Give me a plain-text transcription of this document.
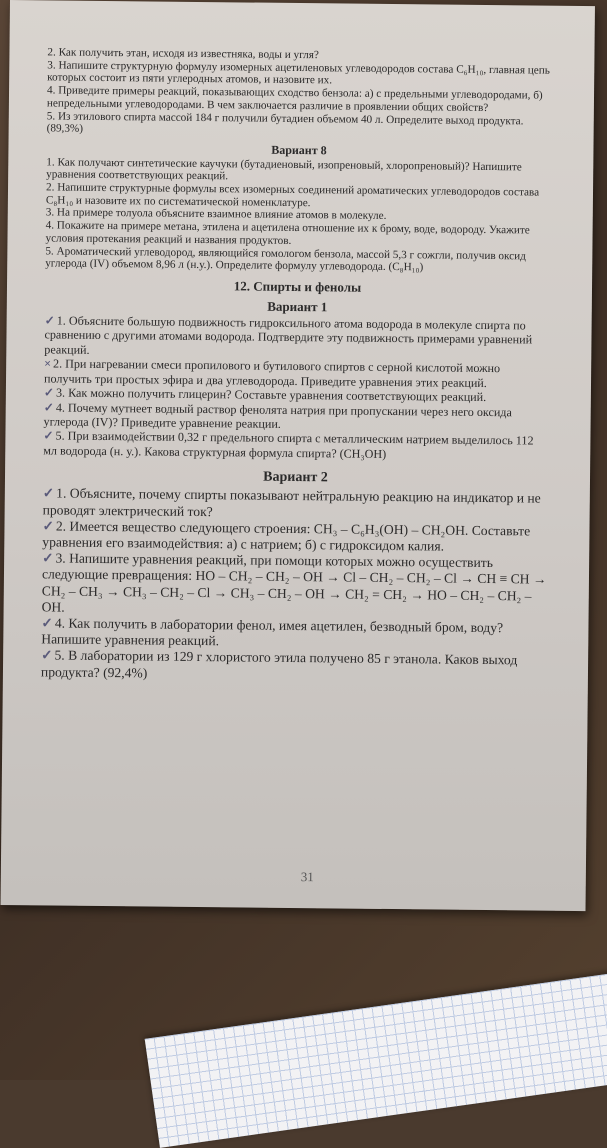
2. Как получить этан, исходя из известняка, воды и угля?

3. Напишите структурную формулу изомерных ацетиленовых углеводородов состава С₆Н₁₀, главная цепь которых состоит из пяти углеродных атомов, и назовите их.

4. Приведите примеры реакций, показывающих сходство бензола: а) с предельными углеводородами, б) непредельными углеводородами. В чем заключается различие в проявлении общих свойств?

5. Из этилового спирта массой 184 г получили бутадиен объемом 40 л. Определите выход продукта. (89,3%)

Вариант 8

1. Как получают синтетические каучуки (бутадиеновый, изопреновый, хлоропреновый)? Напишите уравнения соответствующих реакций.

2. Напишите структурные формулы всех изомерных соединений ароматических углеводородов состава С₈Н₁₀ и назовите их по систематической номенклатуре.

3. На примере толуола объясните взаимное влияние атомов в молекуле.

4. Покажите на примере метана, этилена и ацетилена отношение их к брому, воде, водороду. Укажите условия протекания реакций и названия продуктов.

5. Ароматический углеводород, являющийся гомологом бензола, массой 5,3 г сожгли, получив оксид углерода (IV) объемом 8,96 л (н.у.). Определите формулу углеводорода. (С₈Н₁₀)

12. Спирты и фенолы

Вариант 1

✓ 1. Объясните большую подвижность гидроксильного атома водорода в молекуле спирта по сравнению с другими атомами водорода. Подтвердите эту подвижность примерами уравнений реакций.

× 2. При нагревании смеси пропилового и бутилового спиртов с серной кислотой можно получить три простых эфира и два углеводорода. Приведите уравнения этих реакций.

✓ 3. Как можно получить глицерин? Составьте уравнения соответствующих реакций.

✓ 4. Почему мутнеет водный раствор фенолята натрия при пропускании через него оксида углерода (IV)? Приведите уравнение реакции.

✓ 5. При взаимодействии 0,32 г предельного спирта с металлическим натрием выделилось 112 мл водорода (н. у.). Какова структурная формула спирта? (СН₃ОН)

Вариант 2

✓ 1. Объясните, почему спирты показывают нейтральную реакцию на индикатор и не проводят электрический ток?

✓ 2. Имеется вещество следующего строения: СН₃ – С₆Н₃(ОН) – СН₂ОН. Составьте уравнения его взаимодействия: а) с натрием; б) с гидроксидом калия.

✓ 3. Напишите уравнения реакций, при помощи которых можно осуществить следующие превращения: НО – СН₂ – СН₂ – ОН → Cl – CH₂ – CH₂ – Cl → CH ≡ CH → CH₂ – CH₃ → CH₃ – CH₂ – Cl → CH₃ – CH₂ – OH → CH₂ = CH₂ → HO – CH₂ – CH₂ – OH.

✓ 4. Как получить в лаборатории фенол, имея ацетилен, безводный бром, воду? Напишите уравнения реакций.

✓ 5. В лаборатории из 129 г хлористого этила получено 85 г этанола. Каков выход продукта? (92,4%)

31
